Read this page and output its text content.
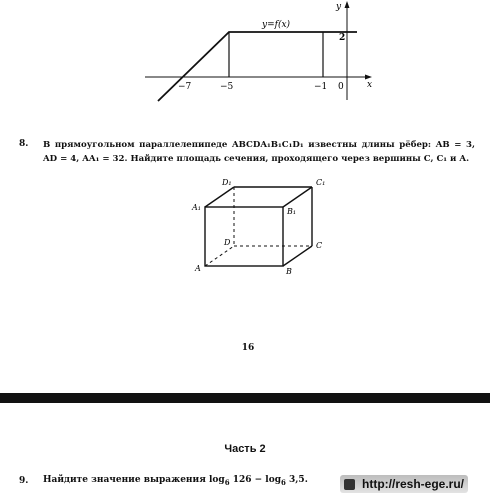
y=f(x)
y
x
2
−7	−5	−1 0
8. В прямоугольном параллелепипеде ABCDA₁B₁C₁D₁ известны длины рёбер: AB = 3, AD = 4, AA₁ = 32. Найдите площадь сечения, проходящего через вершины C, C₁ и A.
D₁	C₁
A₁	B₁
D	C
A	B
16
Часть 2
9. Найдите значение выражения $\log_6 126 - \log_6 3,5$.	http://resh-ege.ru/
